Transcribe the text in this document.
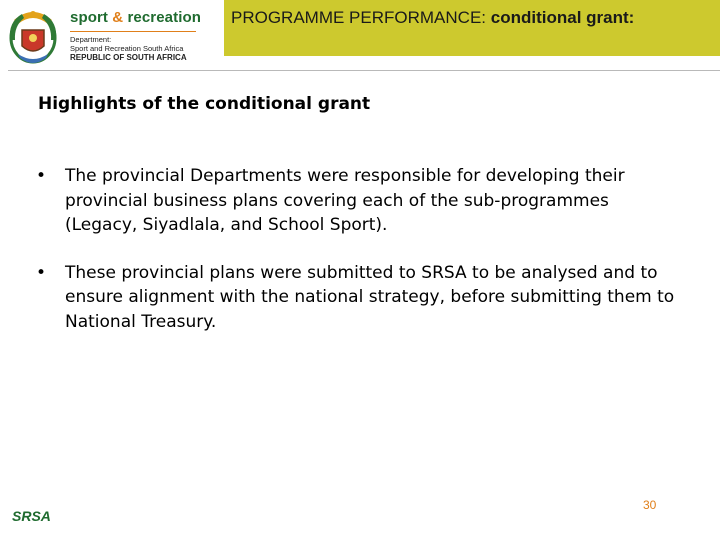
sport & recreation
Department:
Sport and Recreation South Africa
REPUBLIC OF SOUTH AFRICA
PROGRAMME PERFORMANCE: conditional grant:
Highlights of the conditional grant
• The provincial Departments were responsible for developing their provincial business plans covering each of the sub-programmes (Legacy, Siyadlala, and School Sport).
• These provincial plans were submitted to SRSA to be analysed and to ensure alignment with the national strategy, before submitting them to National Treasury.
SRSA
30
